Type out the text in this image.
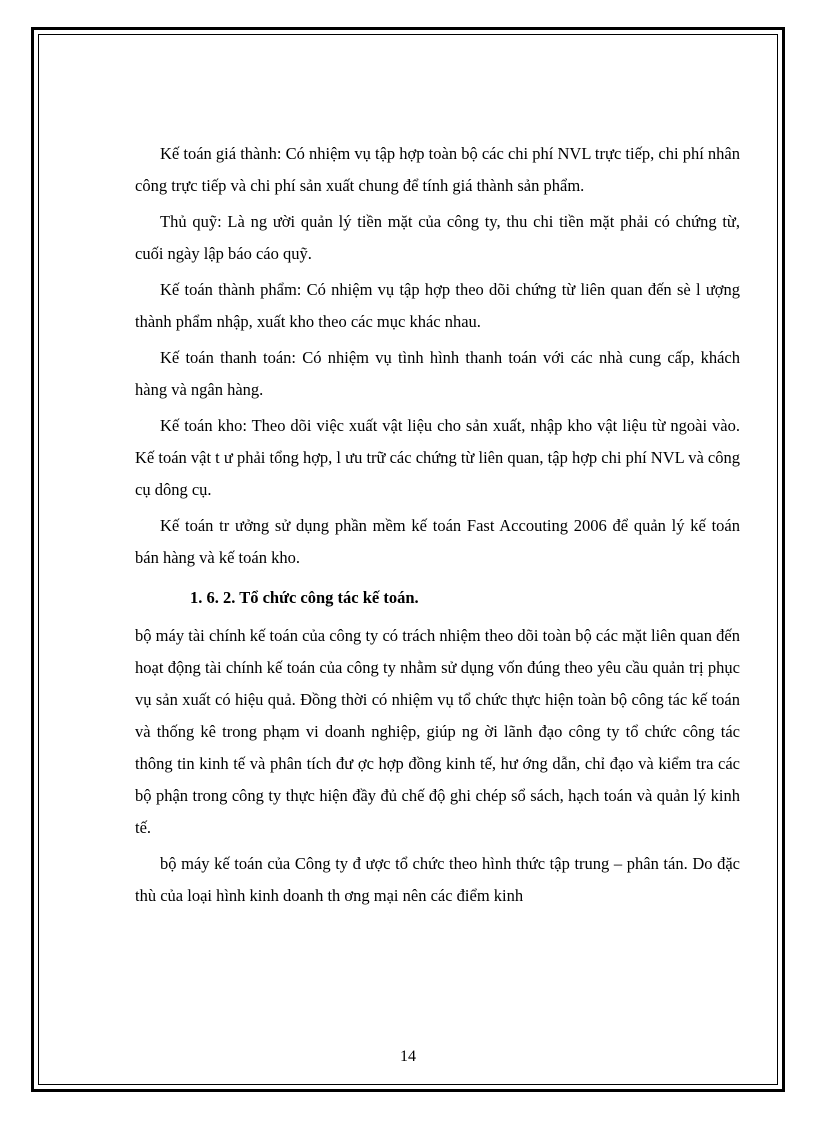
Kế toán giá thành: Có nhiệm vụ tập hợp toàn bộ các chi phí NVL trực tiếp, chi phí nhân công trực tiếp và chi phí sản xuất chung để tính giá thành sản phẩm.

Thủ quỹ: Là ng ười quản lý tiền mặt của công ty, thu chi tiền mặt phải có chứng từ, cuối ngày lập báo cáo quỹ.

Kế toán thành phẩm: Có nhiệm vụ tập hợp theo dõi chứng từ liên quan đến sè l ượng thành phẩm nhập, xuất kho theo các mục khác nhau.

Kế toán thanh toán: Có nhiệm vụ tình hình thanh toán với các nhà cung cấp, khách hàng và ngân hàng.

Kế toán kho: Theo dõi việc xuất vật liệu cho sản xuất, nhập kho vật liệu từ ngoài vào. Kế toán vật t ư phải tổng hợp, l ưu trữ các chứng từ liên quan, tập hợp chi phí NVL và công cụ dông cụ.

Kế toán tr ưởng sử dụng phần mềm kế toán Fast Accouting 2006 để quản lý kế toán bán hàng và kế toán kho.

1. 6. 2. Tổ chức công tác kế toán.

bộ máy tài chính kế toán của công ty có trách nhiệm theo dõi toàn bộ các mặt liên quan đến hoạt động tài chính kế toán của công ty nhằm sử dụng vốn đúng theo yêu cầu quản trị phục vụ sản xuất có hiệu quả. Đồng thời có nhiệm vụ tổ chức thực hiện toàn bộ công tác kế toán và thống kê trong phạm vi doanh nghiệp, giúp ng ời lãnh đạo công ty tổ chức công tác thông tin kinh tế và phân tích đư ợc hợp đồng kinh tế, hư ớng dẫn, chỉ đạo và kiểm tra các bộ phận trong công ty thực hiện đầy đủ chế độ ghi chép sổ sách, hạch toán và quản lý kinh tế.

bộ máy kế toán của Công ty đ ược tổ chức theo hình thức tập trung – phân tán. Do đặc thù của loại hình kinh doanh th ơng mại nên các điểm kinh

14
